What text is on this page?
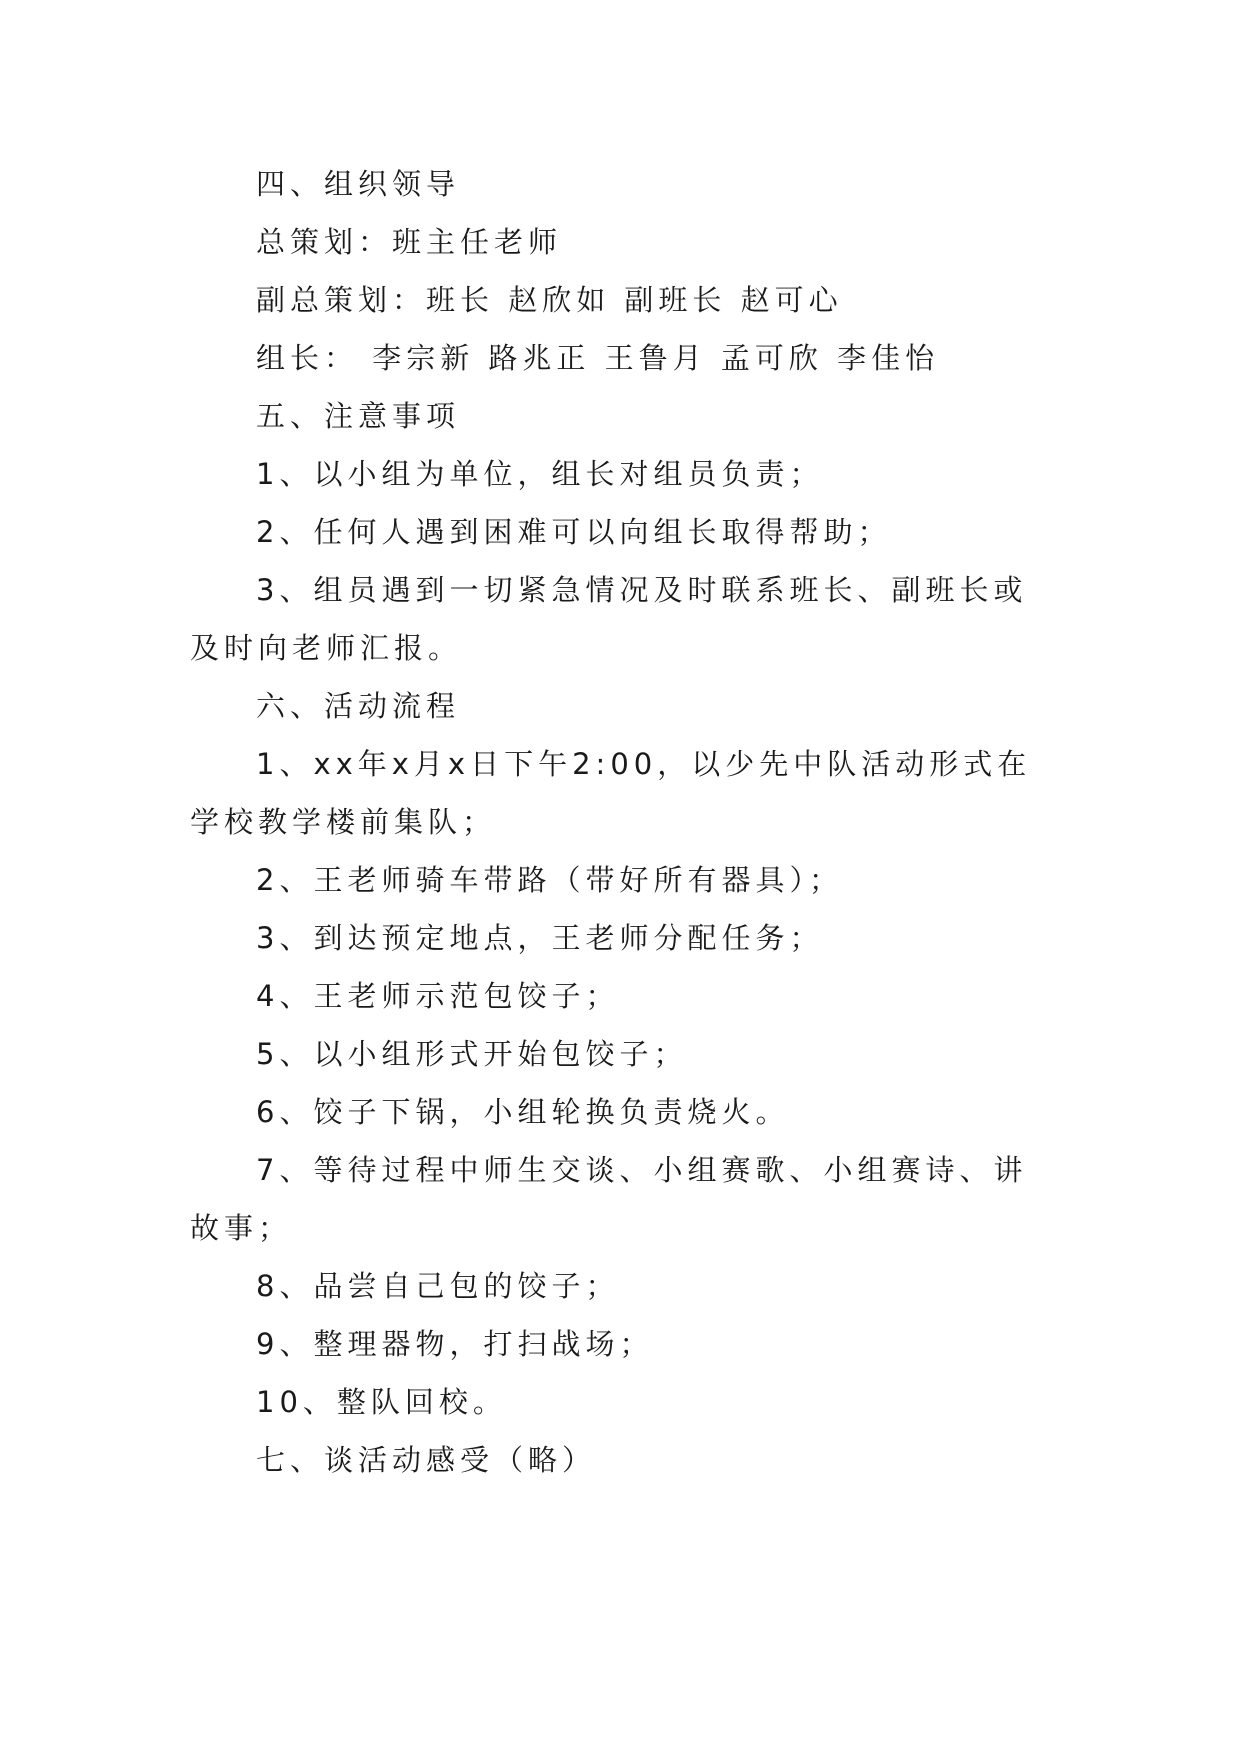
四、组织领导

总策划：班主任老师

副总策划：班长 赵欣如 副班长 赵可心

组长： 李宗新 路兆正 王鲁月 孟可欣 李佳怡

五、注意事项

1、以小组为单位，组长对组员负责；

2、任何人遇到困难可以向组长取得帮助；

3、组员遇到一切紧急情况及时联系班长、副班长或及时向老师汇报。

六、活动流程

1、xx年x月x日下午2:00，以少先中队活动形式在学校教学楼前集队；

2、王老师骑车带路（带好所有器具）；

3、到达预定地点，王老师分配任务；

4、王老师示范包饺子；

5、以小组形式开始包饺子；

6、饺子下锅，小组轮换负责烧火。

7、等待过程中师生交谈、小组赛歌、小组赛诗、讲故事；

8、品尝自己包的饺子；

9、整理器物，打扫战场；

10、整队回校。

七、谈活动感受（略）
